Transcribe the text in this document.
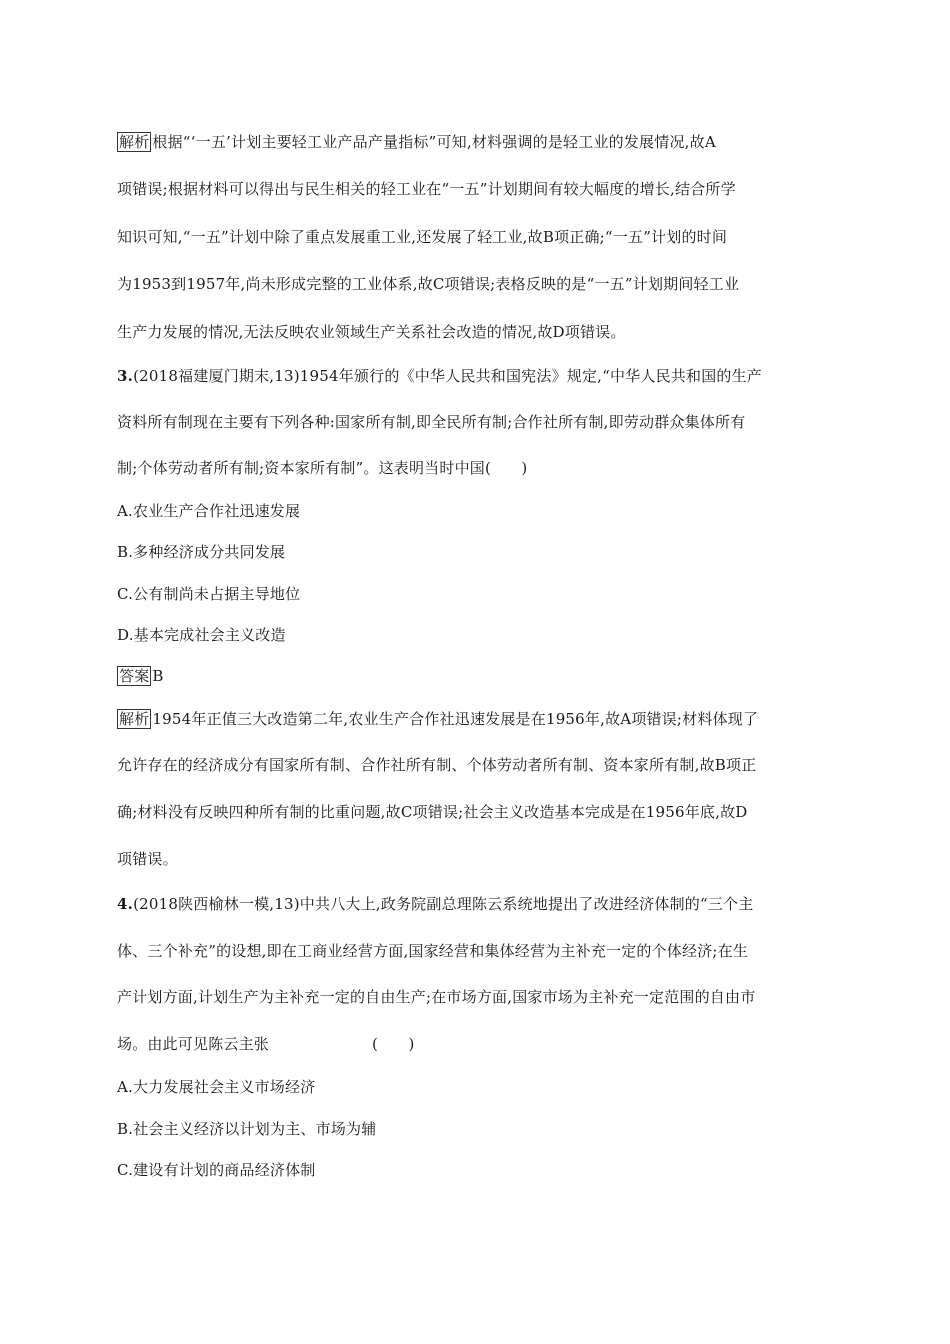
解析 根据“‘一五’计划主要轻工业产品产量指标”可知,材料强调的是轻工业的发展情况,故A
项错误;根据材料可以得出与民生相关的轻工业在“一五”计划期间有较大幅度的增长,结合所学
知识可知,“一五”计划中除了重点发展重工业,还发展了轻工业,故B项正确;“一五”计划的时间
为1953到1957年,尚未形成完整的工业体系,故C项错误;表格反映的是“一五”计划期间轻工业
生产力发展的情况,无法反映农业领域生产关系社会改造的情况,故D项错误。
3.(2018福建厦门期末,13)1954年颁行的《中华人民共和国宪法》规定,“中华人民共和国的生产
资料所有制现在主要有下列各种:国家所有制,即全民所有制;合作社所有制,即劳动群众集体所有
制;个体劳动者所有制;资本家所有制”。这表明当时中国(　　)
A.农业生产合作社迅速发展
B.多种经济成分共同发展
C.公有制尚未占据主导地位
D.基本完成社会主义改造
答案 B
解析 1954年正值三大改造第二年,农业生产合作社迅速发展是在1956年,故A项错误;材料体现了
允许存在的经济成分有国家所有制、合作社所有制、个体劳动者所有制、资本家所有制,故B项正
确;材料没有反映四种所有制的比重问题,故C项错误;社会主义改造基本完成是在1956年底,故D
项错误。
4.(2018陕西榆林一模,13)中共八大上,政务院副总理陈云系统地提出了改进经济体制的“三个主
体、三个补充”的设想,即在工商业经营方面,国家经营和集体经营为主补充一定的个体经济;在生
产计划方面,计划生产为主补充一定的自由生产;在市场方面,国家市场为主补充一定范围的自由市
场。由此可见陈云主张	(　　)
A.大力发展社会主义市场经济
B.社会主义经济以计划为主、市场为辅
C.建设有计划的商品经济体制
